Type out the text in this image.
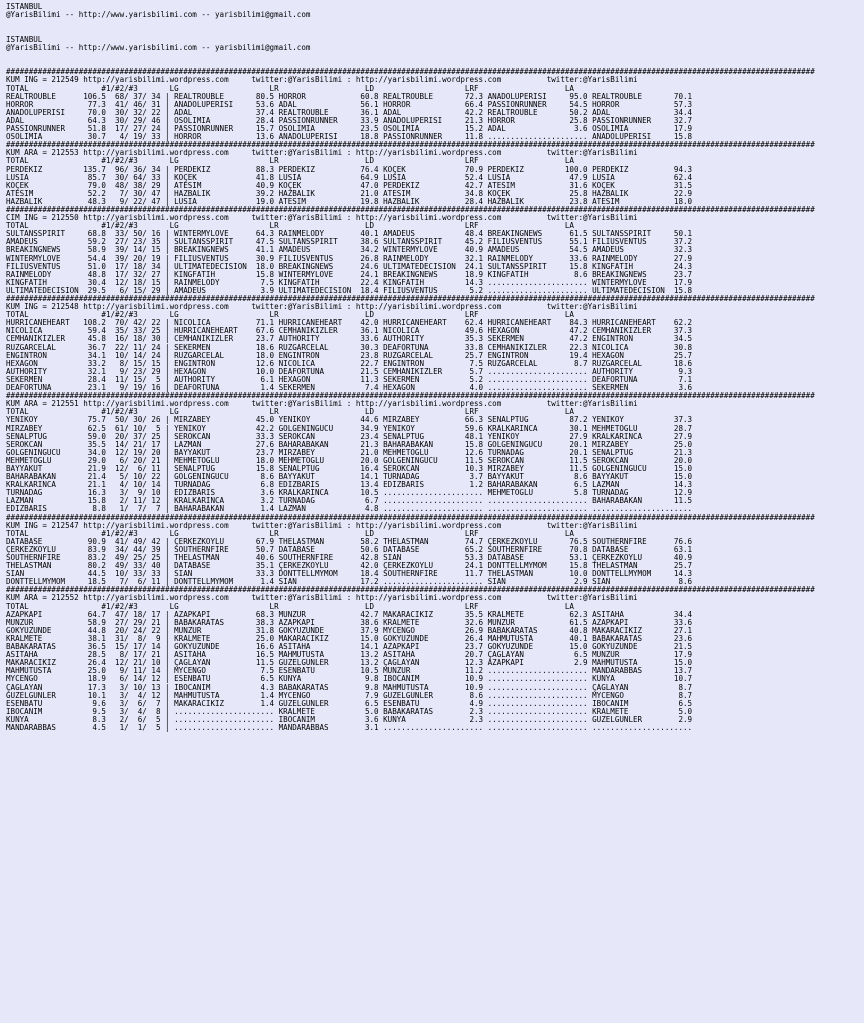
ISTANBUL
@YarisBilimi -- http://www.yarisbilimi.com -- yarisbilimi@gmail.com
ISTANBUL
@YarisBilimi -- http://www.yarisbilimi.com -- yarisbilimi@gmail.com
##################################################################################################################################################################################
KUM ING = 212549 http://yarisbilimi.wordpress.com     twitter:@YarisBilimi : http://yarisbilimi.wordpress.com          twitter:@YarisBilimi
TOTAL                #1/#2/#3       LG                    LR                   LD                    LRF                   LA
REALTROUBLE      106.5  68/ 37/ 34 | REALTROUBLE       80.5 HORROR            60.8 REALTROUBLE       72.3 ANADOLUPERISI     95.0 REALTROUBLE       70.1
HORROR            77.3  41/ 46/ 31 | ANADOLUPERISI     53.6 ADAL              56.1 HORROR            66.4 PASSIONRUNNER     54.5 HORROR            57.3
ANADOLUPERISI     70.0  30/ 32/ 22 | ADAL              37.4 REALTROUBLE       36.1 ADAL              42.2 REALTROUBLE       50.2 ADAL              34.4
ADAL              64.3  30/ 29/ 46 | OSOLIMIA          28.4 PASSIONRUNNER     33.9 ANADOLUPERISI     21.3 HORROR            25.8 PASSIONRUNNER     32.7
PASSIONRUNNER     51.8  17/ 27/ 24 | PASSIONRUNNER     15.7 OSOLIMIA          23.5 OSOLIMIA          15.2 ADAL               3.6 OSOLIMIA          17.9
OSOLIMIA          30.7   4/ 19/ 33 | HORROR            13.6 ANADOLUPERISI     18.8 PASSIONRUNNER     11.8 ...................... ANADOLUPERISI     15.8
##################################################################################################################################################################################
KUM ARA = 212553 http://yarisbilimi.wordpress.com     twitter:@YarisBilimi : http://yarisbilimi.wordpress.com          twitter:@YarisBilimi
TOTAL                #1/#2/#3       LG                    LR                   LD                    LRF                   LA
PERDEKIZ         135.7  96/ 36/ 34 | PERDEKIZ          88.3 PERDEKIZ          76.4 KÖÇEK             70.9 PERDEKIZ         100.0 PERDEKIZ          94.3
LUSIA             85.7  30/ 64/ 33 | KÖÇEK             41.8 LUSIA             64.9 LUSIA             52.4 LUSIA             47.9 LUSIA             62.4
KÖÇEK             79.0  48/ 38/ 29 | ATESIM            40.9 KÖÇEK             47.0 PERDEKIZ          42.7 ATESIM            31.6 KÖÇEK             31.5
ATESIM            52.2   7/ 30/ 47 | HAZBALIK          39.2 HAZBALIK          21.0 ATESIM            34.8 KÖÇEK             25.8 HAZBALIK          22.9
HAZBALIK          48.3   9/ 22/ 47 | LUSIA             19.0 ATESIM            19.8 HAZBALIK          28.4 HAZBALIK          23.8 ATESIM            18.0
##################################################################################################################################################################################
CIM ING = 212550 http://yarisbilimi.wordpress.com     twitter:@YarisBilimi : http://yarisbilimi.wordpress.com          twitter:@YarisBilimi
TOTAL                #1/#2/#3       LG                    LR                   LD                    LRF                   LA
SULTANSSPIRIT     68.8  33/ 50/ 16 | WINTERMYLOVE      64.3 RAINMELODY        40.1 AMADEUS           48.4 BREAKINGNEWS      61.5 SULTANSSPIRIT     50.1
AMADEUS           59.2  27/ 23/ 35 | SULTANSSPIRIT     47.5 SULTANSSPIRIT     38.6 SULTANSSPIRIT     45.2 FILIUSVENTUS      55.1 FILIUSVENTUS      37.2
BREAKINGNEWS      58.9  39/ 14/ 15 | BREAKINGNEWS      41.1 AMADEUS           34.2 WINTERMYLOVE      40.9 AMADEUS           54.5 AMADEUS           32.3
WINTERMYLOVE      54.4  39/ 20/ 19 | FILIUSVENTUS      30.9 FILIUSVENTUS      26.8 RAINMELODY        32.1 RAINMELODY        33.6 RAINMELODY        27.9
FILIUSVENTUS      51.0  17/ 18/ 34 | ULTIMATEDECISION  18.0 BREAKINGNEWS      24.6 ULTIMATEDECISION  24.1 SULTANSSPIRIT     15.8 KINGFATIH         24.3
RAINMELODY        48.8  17/ 32/ 27 | KINGFATIH         15.8 WINTERMYLOVE      24.1 BREAKINGNEWS      18.9 KINGFATIH          8.6 BREAKINGNEWS      23.7
KINGFATIH         30.4  12/ 18/ 15 | RAINMELODY         7.5 KINGFATIH         22.4 KINGFATIH         14.3 ...................... WINTERMYLOVE      17.9
ULTIMATEDECISION  29.5   6/ 15/ 29 | AMADEUS            3.9 ULTIMATEDECISION  18.4 FILIUSVENTUS       5.2 ...................... ULTIMATEDECISION  15.8
##################################################################################################################################################################################
KUM ING = 212548 http://yarisbilimi.wordpress.com     twitter:@YarisBilimi : http://yarisbilimi.wordpress.com          twitter:@YarisBilimi
TOTAL                #1/#2/#3       LG                    LR                   LD                    LRF                   LA
HURRICANEHEART   108.2  70/ 42/ 22 | NICOLICA          71.1 HURRICANEHEART    42.0 HURRICANEHEART    62.4 HURRICANEHEART    84.3 HURRICANEHEART    62.2
NICOLICA          59.4  35/ 33/ 25 | HURRICANEHEART    67.6 CEMHANIKIZLER     36.1 NICOLICA          49.6 HEXAGON           47.2 CEMHANIKIZLER     37.3
CEMHANIKIZLER     45.8  16/ 18/ 30 | CEMHANIKIZLER     23.7 AUTHORITY         33.6 AUTHORITY         35.3 SEKERMEN          47.2 ENGINTRON         34.5
RÜZGARCELAL       36.7  22/ 11/ 24 | SEKERMEN          18.6 RÜZGARCELAL       30.3 DEAFORTUNA        33.8 CEMHANIKIZLER     22.3 NICOLICA          30.8
ENGINTRON         34.1  10/ 14/ 24 | RÜZGARCELAL       18.0 ENGINTRON         23.8 RÜZGARCELAL       25.7 ENGINTRON         19.4 HEXAGON           25.7
HEXAGON           33.2   8/ 15/ 15 | ENGINTRON         12.6 NICOLICA          22.7 ENGINTRON          7.5 RÜZGARCELAL        8.7 RÜZGARCELAL       18.6
AUTHORITY         32.1   9/ 23/ 29 | HEXAGON           10.0 DEAFORTUNA        21.5 CEMHANIKIZLER      5.7 ...................... AUTHORITY          9.3
SEKERMEN          28.4  11/ 15/  5 | AUTHORITY          6.1 HEXAGON           11.3 SEKERMEN           5.2 ...................... DEAFORTUNA         7.1
DEAFORTUNA        23.1   9/ 19/ 16 | DEAFORTUNA         1.4 SEKERMEN           7.4 HEXAGON            4.0 ...................... SEKERMEN           3.6
##################################################################################################################################################################################
KUM ARA = 212551 http://yarisbilimi.wordpress.com     twitter:@YarisBilimi : http://yarisbilimi.wordpress.com          twitter:@YarisBilimi
TOTAL                #1/#2/#3       LG                    LR                   LD                    LRF                   LA
YENIKÖY           75.7  50/ 30/ 26 | MIRZABEY          45.0 YENIKÖY           44.6 MIRZABEY          66.3 SENALPTUG         87.2 YENIKÖY           37.3
MIRZABEY          62.5  61/ 10/  5 | YENIKÖY           42.2 GÖLGENINGÜCÜ      34.9 YENIKÖY           59.6 KRALKARINCA       30.1 MEHMETOGLU        28.7
SENALPTUG         59.0  20/ 37/ 25 | SEROKCAN          33.3 SEROKCAN          23.4 SENALPTUG         48.1 YENIKÖY           27.9 KRALKARINCA       27.9
SEROKCAN          35.5  14/ 21/ 17 | LAZMAN            27.6 BAHARABAKAN       21.3 BAHARABAKAN       15.8 GÖLGENINGÜCÜ      20.1 MIRZABEY          25.0
GÖLGENINGÜCÜ      34.0  12/ 19/ 20 | BAYYAKUT          23.7 MIRZABEY          21.0 MEHMETOGLU        12.6 TURNADAG          20.1 SENALPTUG         21.3
MEHMETOGLU        29.0   6/ 20/ 21 | MEHMETOGLU        18.0 MEHMETOGLU        20.0 GÖLGENINGÜCÜ      11.5 SEROKCAN          11.5 SEROKCAN          20.0
BAYYAKUT          21.9  12/  6/ 11 | SENALPTUG         15.8 SENALPTUG         16.4 SEROKCAN          10.3 MIRZABEY          11.5 GÖLGENINGÜCÜ      15.0
BAHARABAKAN       21.4   5/ 10/ 22 | GÖLGENINGÜCÜ       8.6 BAYYAKUT          14.1 TURNADAG           3.7 BAYYAKUT           8.6 BAYYAKUT          15.0
KRALKARINCA       21.1   4/ 10/ 14 | TURNADAG           6.8 EDIZBARIS         13.4 EDIZBARIS          1.2 BAHARABAKAN        6.5 LAZMAN            14.3
TURNADAG          16.3   3/  9/ 10 | EDIZBARIS          3.6 KRALKARINCA       10.5 ...................... MEHMETOGLU         5.8 TURNADAG          12.9
LAZMAN            15.8   2/ 11/ 12 | KRALKARINCA        3.2 TURNADAG           6.7 ...................... ...................... BAHARABAKAN       11.5
EDIZBARIS          8.8   1/  7/  7 | BAHARABAKAN        1.4 LAZMAN             4.8 ...................... ...................... ......................
##################################################################################################################################################################################
KUM ING = 212547 http://yarisbilimi.wordpress.com     twitter:@YarisBilimi : http://yarisbilimi.wordpress.com          twitter:@YarisBilimi
TOTAL                #1/#2/#3       LG                    LR                   LD                    LRF                   LA
DATABASE          90.9  41/ 49/ 42 | ÇERKEZKÖYLÜ       67.9 THELASTMAN        58.2 THELASTMAN        74.7 ÇERKEZKÖYLÜ       76.5 SOUTHERNFIRE      76.6
ÇERKEZKÖYLÜ       83.9  34/ 44/ 39 | SOUTHERNFIRE      50.7 DATABASE          50.6 DATABASE          65.2 SOUTHERNFIRE      70.8 DATABASE          63.1
SOUTHERNFIRE      83.2  49/ 25/ 25 | THELASTMAN        40.6 SOUTHERNFIRE      42.8 SIAN              53.3 DATABASE          53.1 ÇERKEZKÖYLÜ       40.9
THELASTMAN        80.2  49/ 33/ 40 | DATABASE          35.1 ÇERKEZKÖYLÜ       42.0 ÇERKEZKÖYLÜ       24.1 DONTTELLMYMOM     15.8 THELASTMAN        25.7
SIAN              44.5  10/ 33/ 33 | SIAN              33.3 DONTTELLMYMOM     18.4 SOUTHERNFIRE      11.7 THELASTMAN        10.0 DONTTELLMYMOM     14.3
DONTTELLMYMOM     18.5   7/  6/ 11 | DONTTELLMYMOM      1.4 SIAN              17.2 ...................... SIAN               2.9 SIAN               8.6
##################################################################################################################################################################################
KUM ARA = 212552 http://yarisbilimi.wordpress.com     twitter:@YarisBilimi : http://yarisbilimi.wordpress.com          twitter:@YarisBilimi
TOTAL                #1/#2/#3       LG                    LR                   LD                    LRF                   LA
AZAPKAPI          64.7  47/ 18/ 17 | AZAPKAPI          68.3 MUNZUR            42.7 MAKARACIKIZ       35.5 KRALMETE          62.3 ASITAHA           34.4
MUNZUR            58.9  27/ 29/ 21 | BABAKARATAS       38.3 AZAPKAPI          38.6 KRALMETE          32.6 MUNZUR            61.5 AZAPKAPI          33.6
GÖKYÜZÜNDE        44.8  20/ 24/ 22 | MUNZUR            31.8 GÖKYÜZÜNDE        37.9 MYCENGO           26.9 BABAKARATAS       40.8 MAKARACIKIZ       27.1
KRALMETE          38.1  31/  8/  9 | KRALMETE          25.0 MAKARACIKIZ       15.0 GÖKYÜZÜNDE        26.4 MAHMUTUSTA        40.1 BABAKARATAS       23.6
BABAKARATAS       36.5  15/ 17/ 14 | GÖKYÜZÜNDE        16.6 ASITAHA           14.1 AZAPKAPI          23.7 GÖKYÜZÜNDE        15.0 GÖKYÜZÜNDE        21.5
ASITAHA           28.5   8/ 17/ 21 | ASITAHA           16.5 MAHMUTUSTA        13.2 ASITAHA           20.7 ÇAGLAYAN           6.5 MUNZUR            17.9
MAKARACIKIZ       26.4  12/ 21/ 10 | ÇAGLAYAN          11.5 GÜZELGÜNLER       13.2 ÇAGLAYAN          12.3 AZAPKAPI           2.9 MAHMUTUSTA        15.0
MAHMUTUSTA        25.0   9/ 11/ 14 | MYCENGO            7.5 ESENBATU          10.5 MUNZUR            11.2 ...................... MANDARABBAS       13.7
MYCENGO           18.9   6/ 14/ 12 | ESENBATU           6.5 KUNYA              9.8 IBOCANIM          10.9 ...................... KUNYA             10.7
ÇAGLAYAN          17.3   3/ 10/ 13 | IBOCANIM           4.3 BABAKARATAS        9.8 MAHMUTUSTA        10.9 ...................... ÇAGLAYAN           8.7
GÜZELGÜNLER       10.1   3/  4/ 12 | MAHMUTUSTA         1.4 MYCENGO            7.9 GÜZELGÜNLER        8.6 ...................... MYCENGO            8.7
ESENBATU           9.6   3/  6/  7 | MAKARACIKIZ        1.4 GÜZELGÜNLER        6.5 ESENBATU           4.9 ...................... IBOCANIM           6.5
IBOCANIM           9.5   3/  4/  8 | ...................... KRALMETE           5.0 BABAKARATAS        2.3 ...................... KRALMETE           5.0
KUNYA              8.3   2/  6/  5 | ...................... IBOCANIM           3.6 KUNYA              2.3 ...................... GÜZELGÜNLER        2.9
MANDARABBAS        4.5   1/  1/  5 | ...................... MANDARABBAS        3.1 ...................... ...................... ......................
